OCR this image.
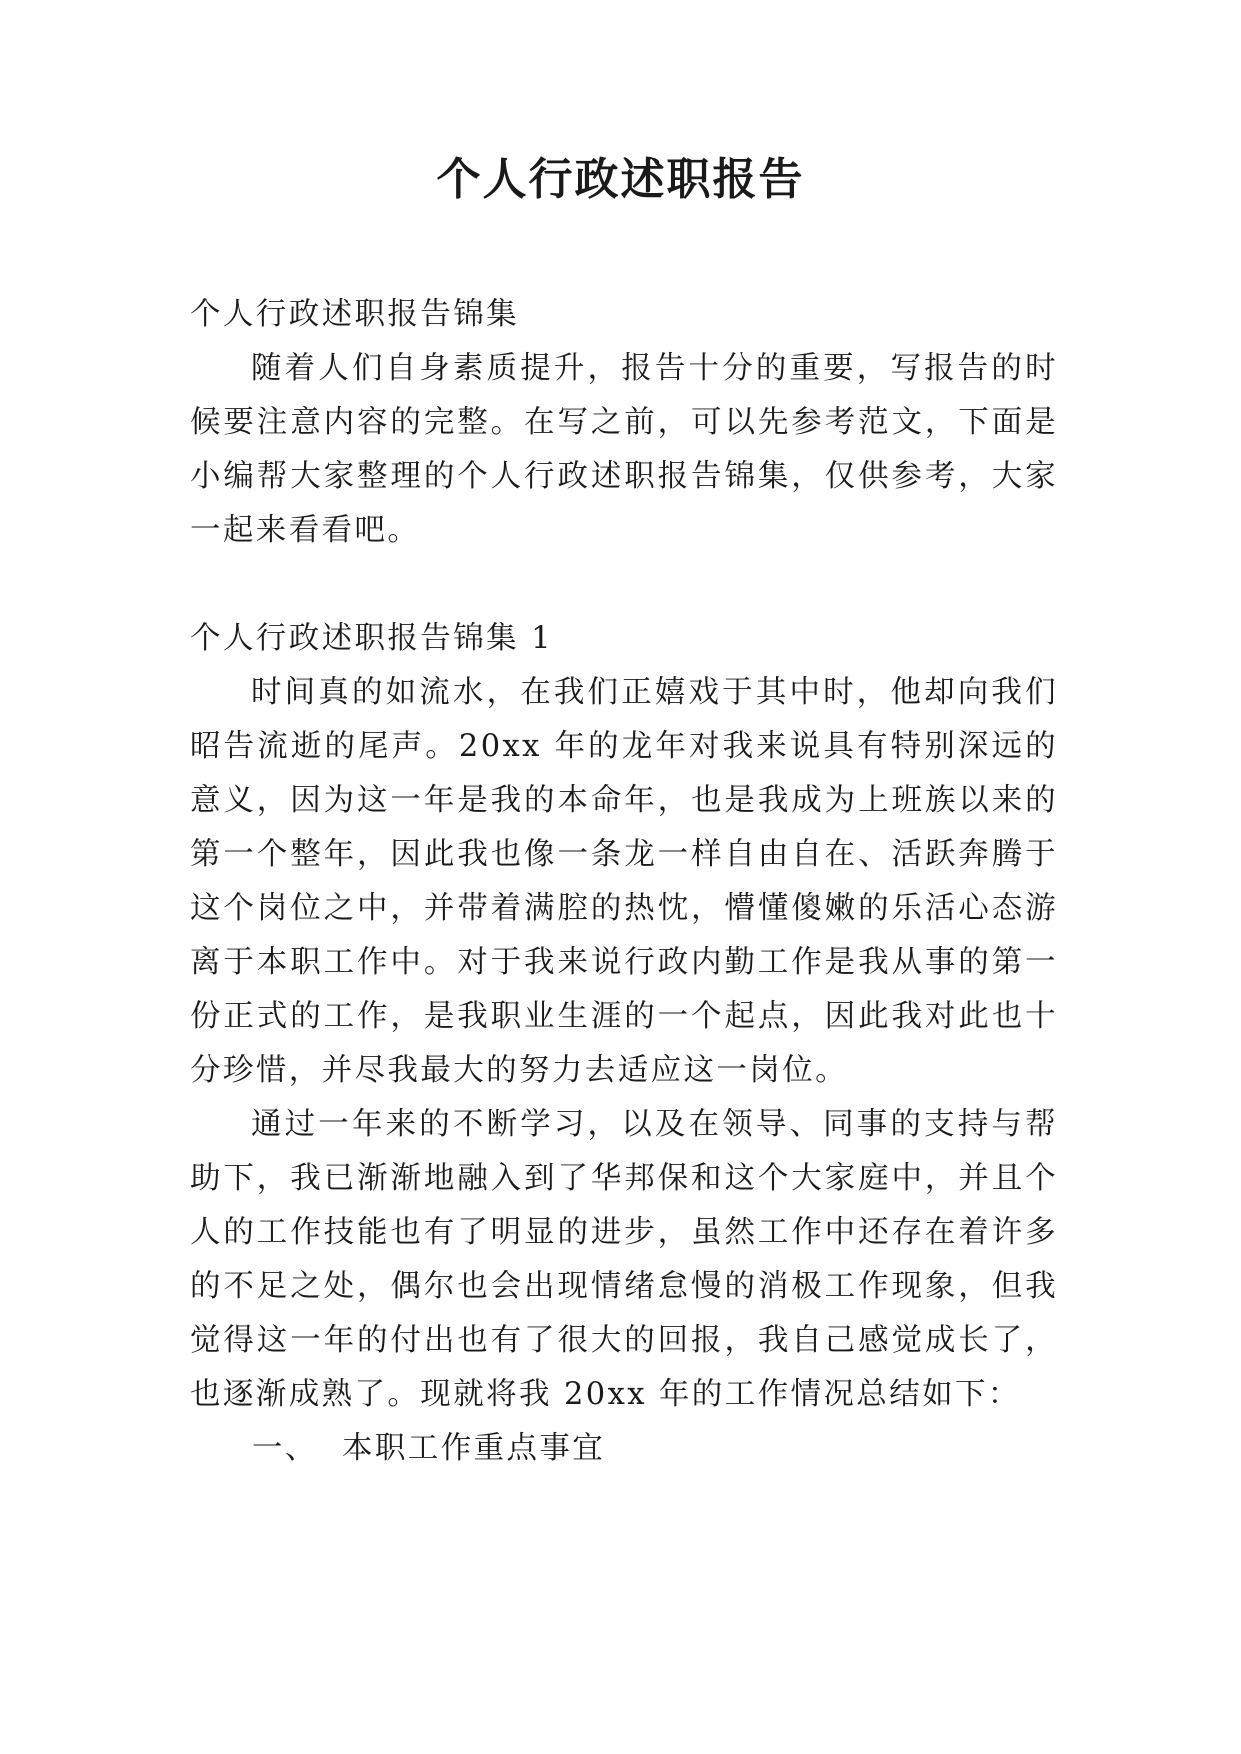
个人行政述职报告

个人行政述职报告锦集

随着人们自身素质提升，报告十分的重要，写报告的时候要注意内容的完整。在写之前，可以先参考范文，下面是小编帮大家整理的个人行政述职报告锦集，仅供参考，大家一起来看看吧。

个人行政述职报告锦集 1

时间真的如流水，在我们正嬉戏于其中时，他却向我们昭告流逝的尾声。20xx 年的龙年对我来说具有特别深远的意义，因为这一年是我的本命年，也是我成为上班族以来的第一个整年，因此我也像一条龙一样自由自在、活跃奔腾于这个岗位之中，并带着满腔的热忱，懵懂傻嫩的乐活心态游离于本职工作中。对于我来说行政内勤工作是我从事的第一份正式的工作，是我职业生涯的一个起点，因此我对此也十分珍惜，并尽我最大的努力去适应这一岗位。

通过一年来的不断学习，以及在领导、同事的支持与帮助下，我已渐渐地融入到了华邦保和这个大家庭中，并且个人的工作技能也有了明显的进步，虽然工作中还存在着许多的不足之处，偶尔也会出现情绪怠慢的消极工作现象，但我觉得这一年的付出也有了很大的回报，我自己感觉成长了，也逐渐成熟了。现就将我 20xx 年的工作情况总结如下：

一、  本职工作重点事宜
